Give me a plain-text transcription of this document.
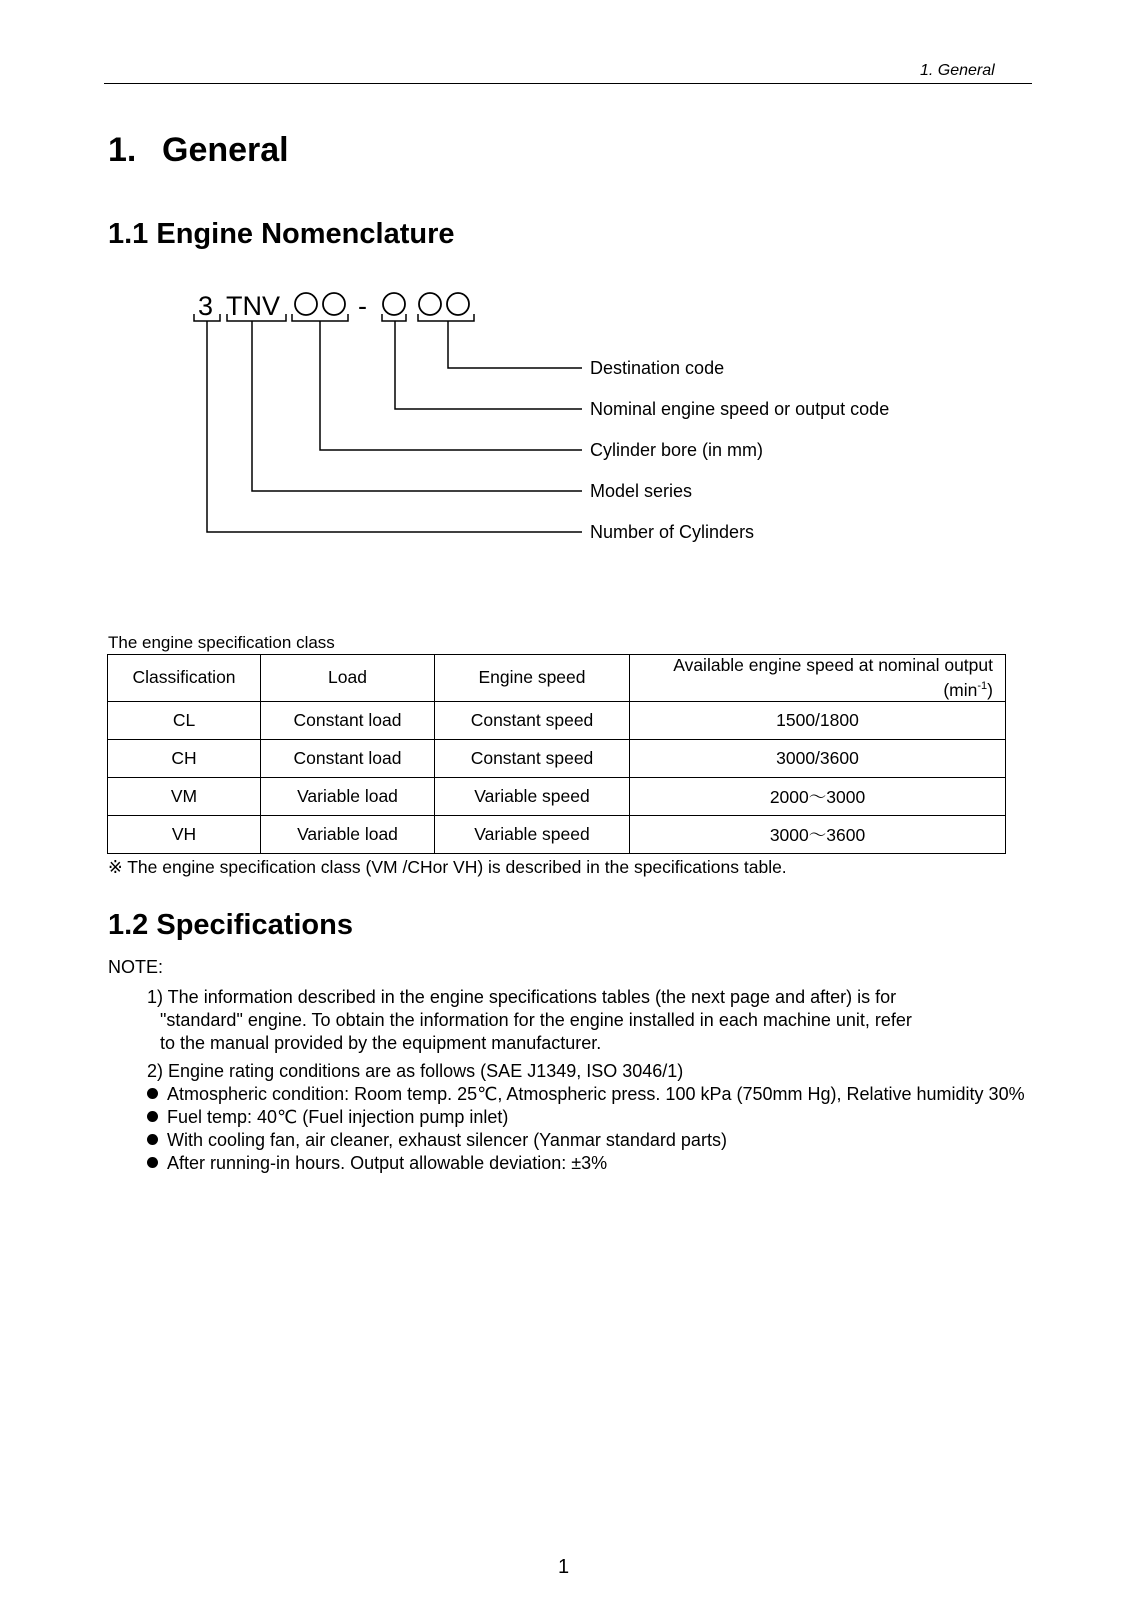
1. General
1. General
1.1 Engine Nomenclature
3 TNV	-
Destination code
Nominal engine speed or output code
Cylinder bore (in mm)
Model series
Number of Cylinders
The engine specification class
Classification	Load	Engine speed	Available engine speed at nominal output
$(\min^{-1})$

CL	Constant load	Constant speed	1500/1800
CH	Constant load	Constant speed	3000/3600
VM	Variable load	Variable speed	2000～3000
VH	Variable load	Variable speed	3000～3600
※ The engine specification class (VM /CHor VH) is described in the specifications table.
1.2 Specifications
NOTE:
1) The information described in the engine specifications tables (the next page and after) is for
"standard" engine. To obtain the information for the engine installed in each machine unit, refer
to the manual provided by the equipment manufacturer.
2) Engine rating conditions are as follows (SAE J1349, ISO 3046/1)
Atmospheric condition: Room temp. 25℃, Atmospheric press. 100 kPa (750mm Hg), Relative humidity 30%
Fuel temp: 40℃ (Fuel injection pump inlet)
With cooling fan, air cleaner, exhaust silencer (Yanmar standard parts)
After running-in hours. Output allowable deviation: ±3%
1
